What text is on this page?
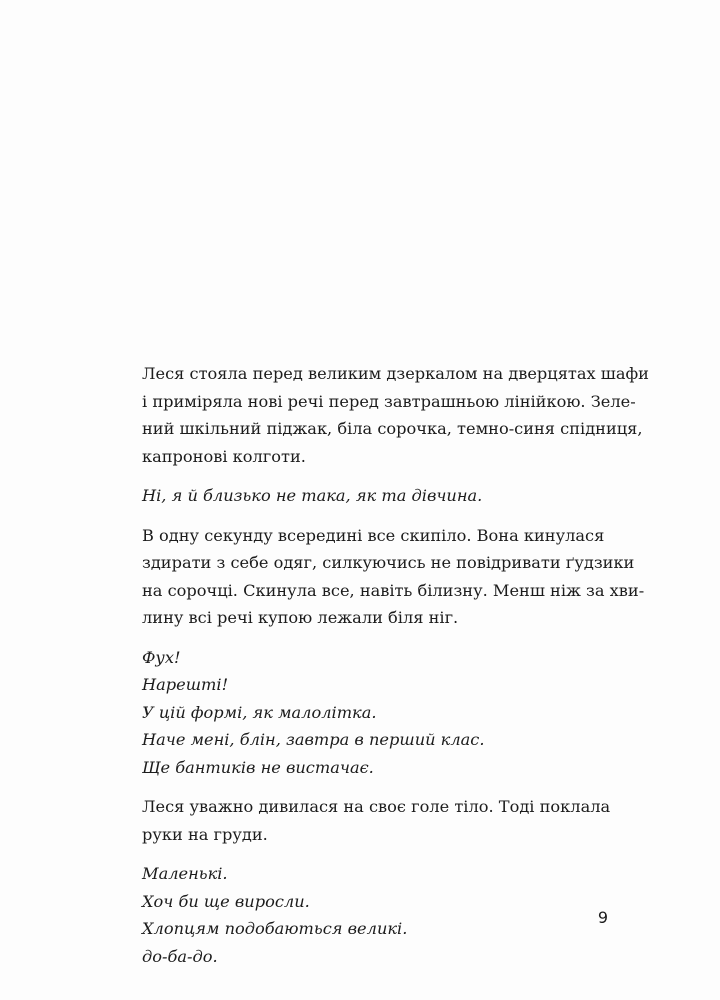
Леся стояла перед великим дзеркалом на дверцятах шафи
і приміряла нові речі перед завтрашньою лінійкою. Зеле-
ний шкільний піджак, біла сорочка, темно-синя спідниця,
капронові колготи.

Ні, я й близько не така, як та дівчина.

В одну секунду всередині все скипіло. Вона кинулася
здирати з себе одяг, силкуючись не повідривати ґудзики
на сорочці. Скинула все, навіть білизну. Менш ніж за хви-
лину всі речі купою лежали біля ніг.

Фух!
Нарешті!
У цій формі, як малолітка.
Наче мені, блін, завтра в перший клас.
Ще бантиків не вистачає.

Леся уважно дивилася на своє голе тіло. Тоді поклала
руки на груди.

Маленькі.
Хоч би ще виросли.
Хлопцям подобаються великі.
до-ба-до.

9
